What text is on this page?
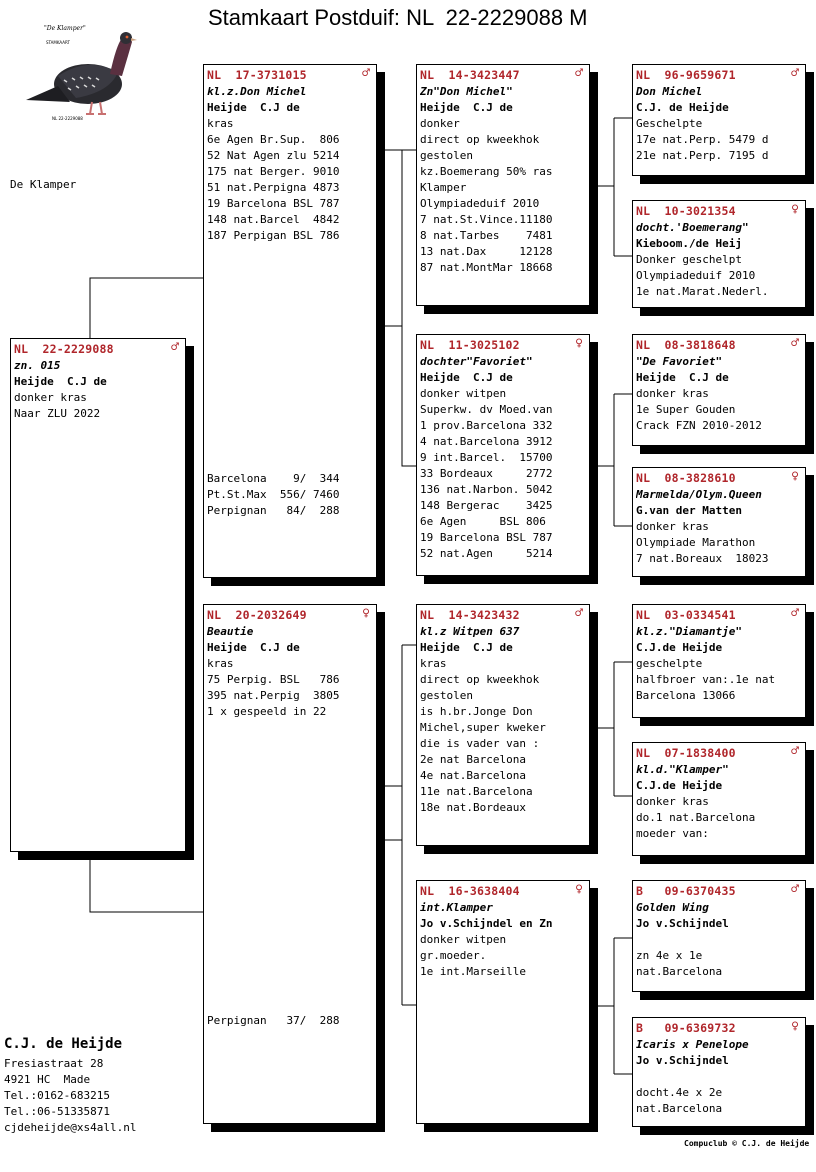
Stamkaart Postduif: NL  22-2229088 M
"De Klamper"
STAMKAART
NL 22-2229088
De Klamper
NL  22-2229088	♂
zn. 015
Heijde  C.J de
donker kras
Naar ZLU 2022
NL  17-3731015	♂
kl.z.Don Michel
Heijde  C.J de
kras
6e Agen Br.Sup.  806
52 Nat Agen zlu 5214
175 nat Berger. 9010
51 nat.Perpigna 4873
19 Barcelona BSL 787
148 nat.Barcel  4842
187 Perpigan BSL 786
Barcelona    9/  344
Pt.St.Max  556/ 7460
Perpignan   84/  288
NL  20-2032649	♀
Beautie
Heijde  C.J de
kras
75 Perpig. BSL   786
395 nat.Perpig  3805
1 x gespeeld in 22
Perpignan   37/  288
NL  14-3423447	♂
Zn"Don Michel"
Heijde  C.J de
donker
direct op kweekhok
gestolen
kz.Boemerang 50% ras
Klamper
Olympiadeduif 2010
7 nat.St.Vince.11180
8 nat.Tarbes    7481
13 nat.Dax     12128
87 nat.MontMar 18668
NL  11-3025102	♀
dochter"Favoriet"
Heijde  C.J de
donker witpen
Superkw. dv Moed.van
1 prov.Barcelona 332
4 nat.Barcelona 3912
9 int.Barcel.  15700
33 Bordeaux     2772
136 nat.Narbon. 5042
148 Bergerac    3425
6e Agen     BSL 806
19 Barcelona BSL 787
52 nat.Agen     5214
NL  14-3423432	♂
kl.z Witpen 637
Heijde  C.J de
kras
direct op kweekhok
gestolen
is h.br.Jonge Don
Michel,super kweker
die is vader van :
2e nat Barcelona
4e nat.Barcelona
11e nat.Barcelona
18e nat.Bordeaux
NL  16-3638404	♀
int.Klamper
Jo v.Schijndel en Zn
donker witpen
gr.moeder.
1e int.Marseille
NL  96-9659671	♂
Don Michel
C.J. de Heijde
Geschelpte
17e nat.Perp. 5479 d
21e nat.Perp. 7195 d
NL  10-3021354	♀
docht.'Boemerang"
Kieboom./de Heij
Donker geschelpt
Olympiadeduif 2010
1e nat.Marat.Nederl.
NL  08-3818648	♂
"De Favoriet"
Heijde  C.J de
donker kras
1e Super Gouden
Crack FZN 2010-2012
NL  08-3828610	♀
Marmelda/Olym.Queen
G.van der Matten
donker kras
Olympiade Marathon
7 nat.Boreaux  18023
NL  03-0334541	♂
kl.z."Diamantje"
C.J.de Heijde
geschelpte
halfbroer van:.1e nat
Barcelona 13066
NL  07-1838400	♂
kl.d."Klamper"
C.J.de Heijde
donker kras
do.1 nat.Barcelona
moeder van:
B   09-6370435	♂
Golden Wing
Jo v.Schijndel
zn 4e x 1e
nat.Barcelona
B   09-6369732	♀
Icaris x Penelope
Jo v.Schijndel
docht.4e x 2e
nat.Barcelona
C.J. de Heijde
Fresiastraat 28
4921 HC  Made
Tel.:0162-683215
Tel.:06-51335871
cjdeheijde@xs4all.nl
Compuclub © C.J. de Heijde
